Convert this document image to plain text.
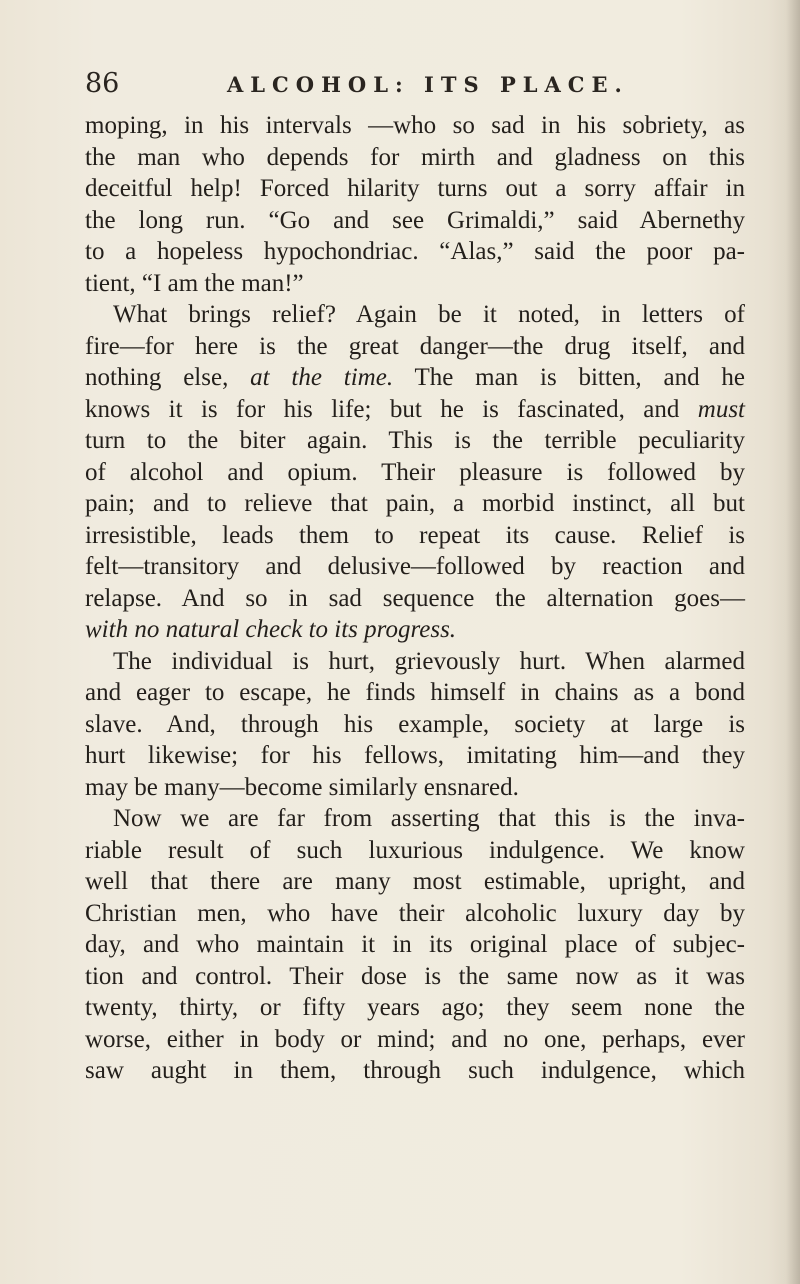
86	ALCOHOL: ITS PLACE.
moping, in his intervals —who so sad in his sobriety, as
the man who depends for mirth and gladness on this
deceitful help! Forced hilarity turns out a sorry affair in
the long run. “Go and see Grimaldi,” said Abernethy
to a hopeless hypochondriac. “Alas,” said the poor pa-
tient, “I am the man!”
What brings relief? Again be it noted, in letters of
fire—for here is the great danger—the drug itself, and
nothing else, at the time. The man is bitten, and he
knows it is for his life; but he is fascinated, and must
turn to the biter again. This is the terrible peculiarity
of alcohol and opium. Their pleasure is followed by
pain; and to relieve that pain, a morbid instinct, all but
irresistible, leads them to repeat its cause. Relief is
felt—transitory and delusive—followed by reaction and
relapse. And so in sad sequence the alternation goes—
with no natural check to its progress.
The individual is hurt, grievously hurt. When alarmed
and eager to escape, he finds himself in chains as a bond
slave. And, through his example, society at large is
hurt likewise; for his fellows, imitating him—and they
may be many—become similarly ensnared.
Now we are far from asserting that this is the inva-
riable result of such luxurious indulgence. We know
well that there are many most estimable, upright, and
Christian men, who have their alcoholic luxury day by
day, and who maintain it in its original place of subjec-
tion and control. Their dose is the same now as it was
twenty, thirty, or fifty years ago; they seem none the
worse, either in body or mind; and no one, perhaps, ever
saw aught in them, through such indulgence, which
